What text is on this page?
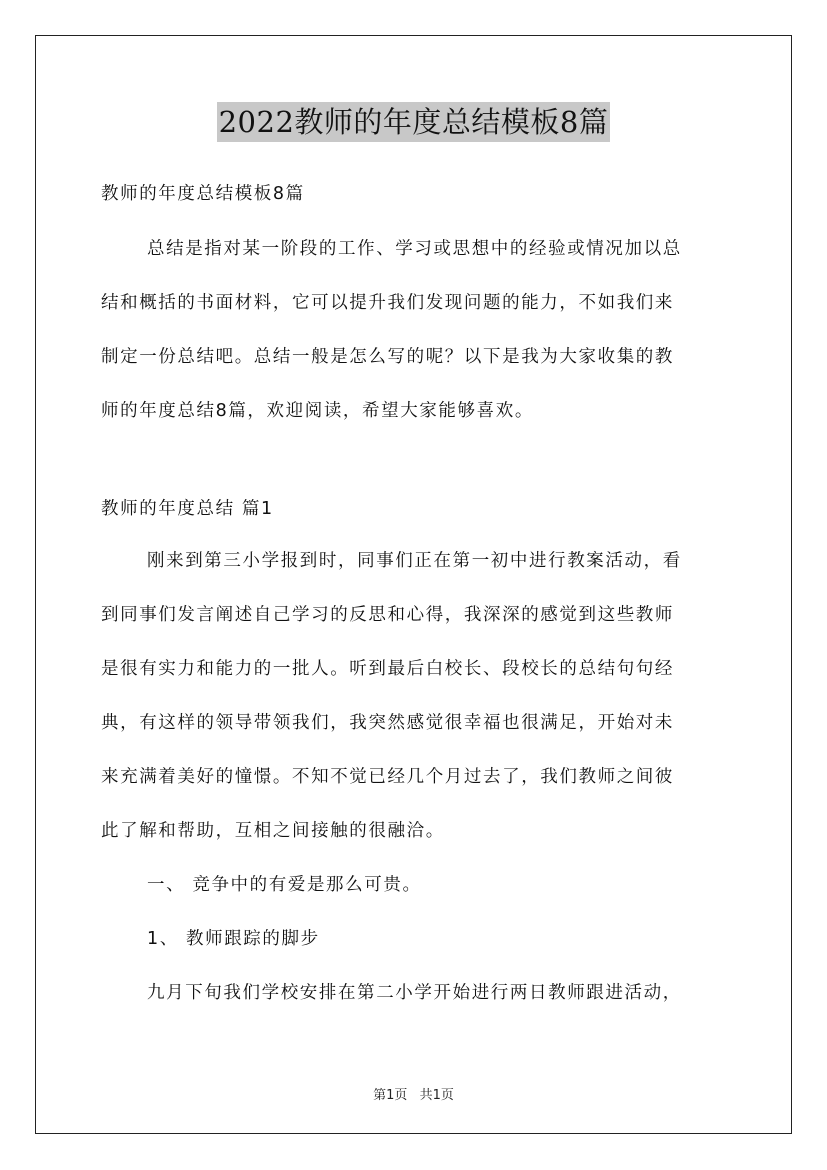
2022教师的年度总结模板8篇
教师的年度总结模板8篇
总结是指对某一阶段的工作、学习或思想中的经验或情况加以总
结和概括的书面材料，它可以提升我们发现问题的能力，不如我们来
制定一份总结吧。总结一般是怎么写的呢？以下是我为大家收集的教
师的年度总结8篇，欢迎阅读，希望大家能够喜欢。
教师的年度总结 篇1
刚来到第三小学报到时，同事们正在第一初中进行教案活动，看
到同事们发言阐述自己学习的反思和心得，我深深的感觉到这些教师
是很有实力和能力的一批人。听到最后白校长、段校长的总结句句经
典，有这样的领导带领我们，我突然感觉很幸福也很满足，开始对未
来充满着美好的憧憬。不知不觉已经几个月过去了，我们教师之间彼
此了解和帮助，互相之间接触的很融洽。
一、 竞争中的有爱是那么可贵。
1、 教师跟踪的脚步
九月下旬我们学校安排在第二小学开始进行两日教师跟进活动，
第1页 共1页
